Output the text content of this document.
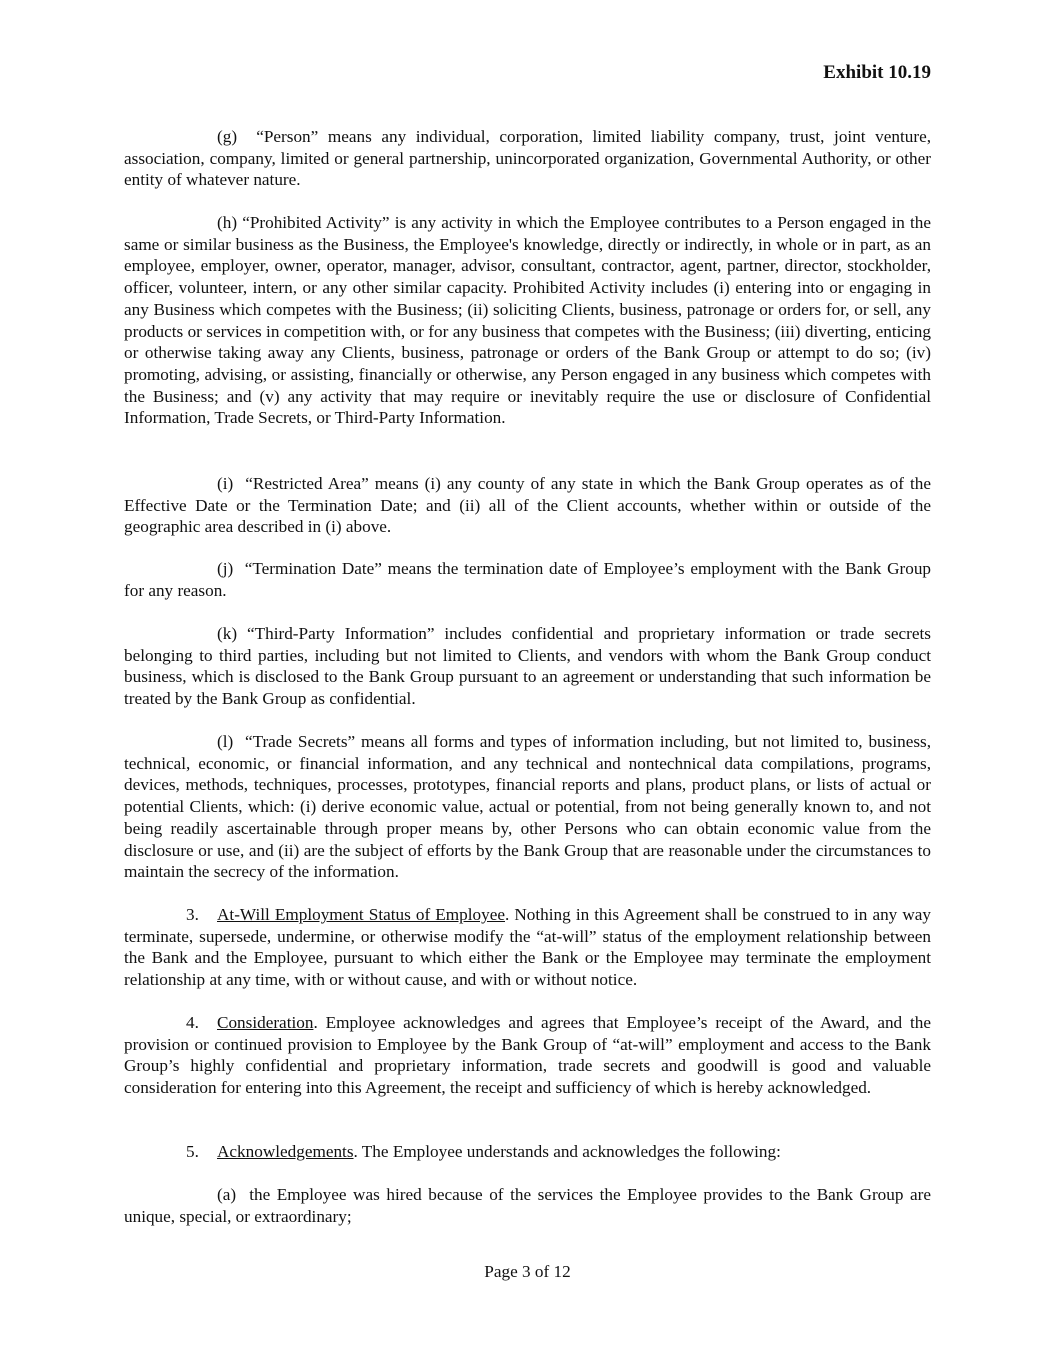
Exhibit 10.19

(g) “Person” means any individual, corporation, limited liability company, trust, joint venture, association, company, limited or general partnership, unincorporated organization, Governmental Authority, or other entity of whatever nature.

(h) “Prohibited Activity” is any activity in which the Employee contributes to a Person engaged in the same or similar business as the Business, the Employee's knowledge, directly or indirectly, in whole or in part, as an employee, employer, owner, operator, manager, advisor, consultant, contractor, agent, partner, director, stockholder, officer, volunteer, intern, or any other similar capacity. Prohibited Activity includes (i) entering into or engaging in any Business which competes with the Business; (ii) soliciting Clients, business, patronage or orders for, or sell, any products or services in competition with, or for any business that competes with the Business; (iii) diverting, enticing or otherwise taking away any Clients, business, patronage or orders of the Bank Group or attempt to do so; (iv) promoting, advising, or assisting, financially or otherwise, any Person engaged in any business which competes with the Business; and (v) any activity that may require or inevitably require the use or disclosure of Confidential Information, Trade Secrets, or Third-Party Information.

(i) “Restricted Area” means (i) any county of any state in which the Bank Group operates as of the Effective Date or the Termination Date; and (ii) all of the Client accounts, whether within or outside of the geographic area described in (i) above.

(j) “Termination Date” means the termination date of Employee’s employment with the Bank Group for any reason.

(k) “Third-Party Information” includes confidential and proprietary information or trade secrets belonging to third parties, including but not limited to Clients, and vendors with whom the Bank Group conduct business, which is disclosed to the Bank Group pursuant to an agreement or understanding that such information be treated by the Bank Group as confidential.

(l) “Trade Secrets” means all forms and types of information including, but not limited to, business, technical, economic, or financial information, and any technical and nontechnical data compilations, programs, devices, methods, techniques, processes, prototypes, financial reports and plans, product plans, or lists of actual or potential Clients, which: (i) derive economic value, actual or potential, from not being generally known to, and not being readily ascertainable through proper means by, other Persons who can obtain economic value from the disclosure or use, and (ii) are the subject of efforts by the Bank Group that are reasonable under the circumstances to maintain the secrecy of the information.

3. At-Will Employment Status of Employee. Nothing in this Agreement shall be construed to in any way terminate, supersede, undermine, or otherwise modify the “at-will” status of the employment relationship between the Bank and the Employee, pursuant to which either the Bank or the Employee may terminate the employment relationship at any time, with or without cause, and with or without notice.

4. Consideration. Employee acknowledges and agrees that Employee’s receipt of the Award, and the provision or continued provision to Employee by the Bank Group of “at-will” employment and access to the Bank Group’s highly confidential and proprietary information, trade secrets and goodwill is good and valuable consideration for entering into this Agreement, the receipt and sufficiency of which is hereby acknowledged.

5. Acknowledgements. The Employee understands and acknowledges the following:

(a) the Employee was hired because of the services the Employee provides to the Bank Group are unique, special, or extraordinary;

Page 3 of 12
